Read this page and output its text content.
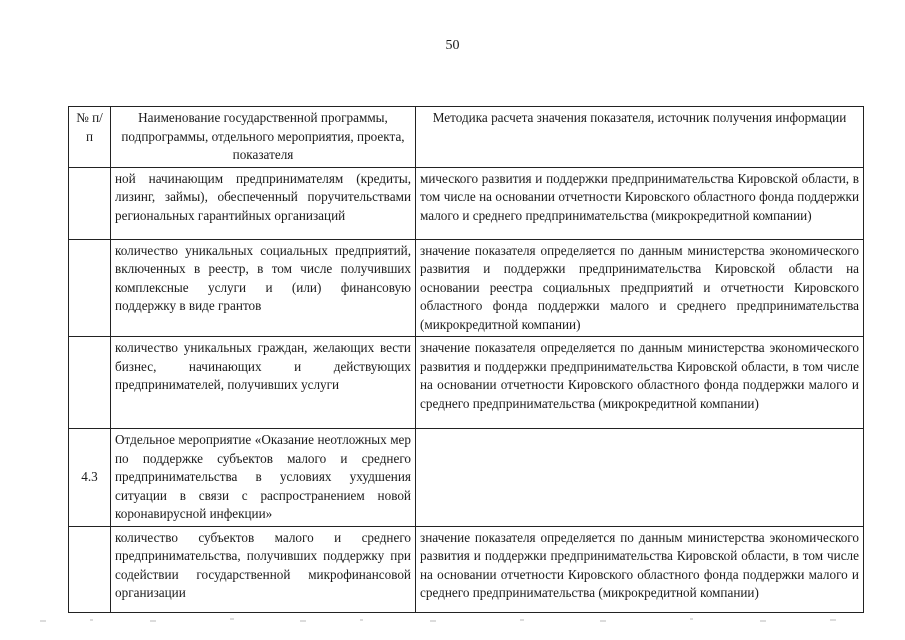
50
№ п/п	Наименование государственной программы, подпрограммы, отдельного мероприятия, проекта, показателя	Методика расчета значения показателя, источник получения информации
	ной начинающим предпринимателям (кредиты, лизинг, займы), обеспеченный поручительствами региональных гарантийных организаций	мического развития и поддержки предпринимательства Кировской области, в том числе на основании отчетности Кировского областного фонда поддержки малого и среднего предпринимательства (микрокредитной компании)
	количество уникальных социальных предприятий, включенных в реестр, в том числе получивших комплексные услуги и (или) финансовую поддержку в виде грантов	значение показателя определяется по данным министерства экономического развития и поддержки предпринимательства Кировской области на основании реестра социальных предприятий и отчетности Кировского областного фонда поддержки малого и среднего предпринимательства (микрокредитной компании)
	количество уникальных граждан, желающих вести бизнес, начинающих и действующих предпринимателей, получивших услуги	значение показателя определяется по данным министерства экономического развития и поддержки предпринимательства Кировской области, в том числе на основании отчетности Кировского областного фонда поддержки малого и среднего предпринимательства (микрокредитной компании)
4.3	Отдельное мероприятие «Оказание неотложных мер по поддержке субъектов малого и среднего предпринимательства в условиях ухудшения ситуации в связи с распространением новой коронавирусной инфекции»	
	количество субъектов малого и среднего предпринимательства, получивших поддержку при содействии государственной микрофинансовой организации	значение показателя определяется по данным министерства экономического развития и поддержки предпринимательства Кировской области, в том числе на основании отчетности Кировского областного фонда поддержки малого и среднего предпринимательства (микрокредитной компании)
